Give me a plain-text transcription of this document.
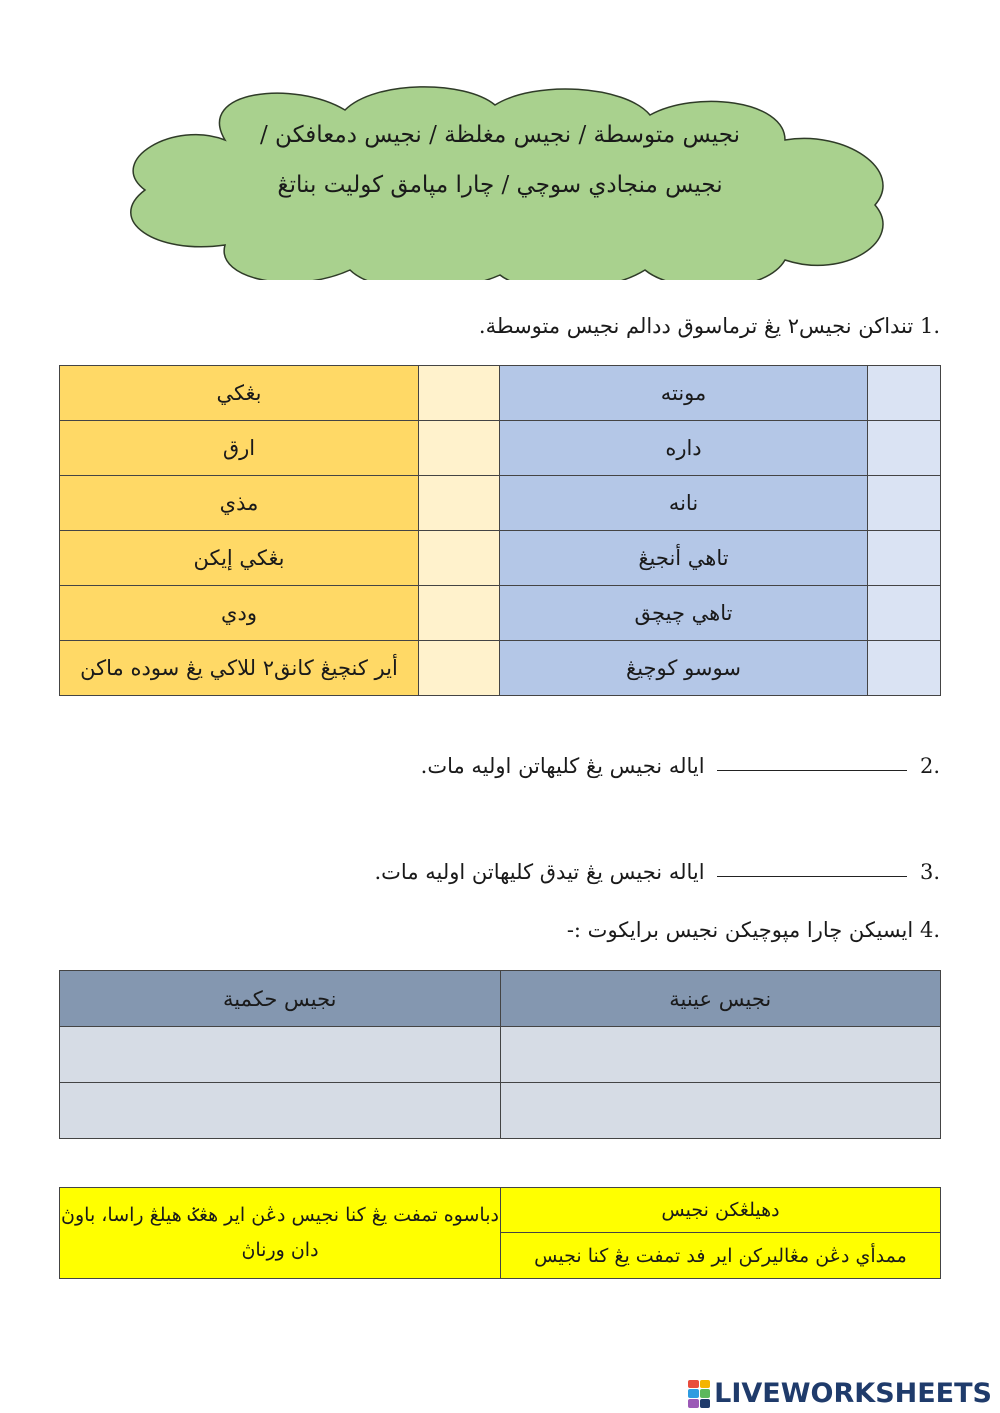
نجيس متوسطة / نجيس مغلظة / نجيس دمعافكن /
نجيس منجادي سوچي / چارا مپامق کوليت بناتڠ
.1 تنداکن نجيس٢ يڠ ترماسوق ددالم نجيس متوسطة.
بڠکي		مونته	
ارق		داره	
مذي		نانه	
بڠکي إيکن		تاهي أنجيڠ	
ودي		تاهي چيچق	
أير کنچيڠ کانق٢ للاکي يڠ سوده ماکن		سوسو کوچيڠ	
.2  اياله نجيس يڠ کليهاتن اوليه مات.
.3  اياله نجيس يڠ تيدق کليهاتن اوليه مات.
.4 ايسيکن چارا مپوچيکن نجيس برايکوت :-
نجيس حکمية	نجيس عينية

دباسوه تمفت يڠ کنا نجيس دڠن اير هڠݢ هيلڠ راسا، باوڽ دان ورناڽ	دهيلڠکن نجيس
ممدأي دڠن مڠاليرکن اير فد تمفت يڠ کنا نجيس
LIVEWORKSHEETS
